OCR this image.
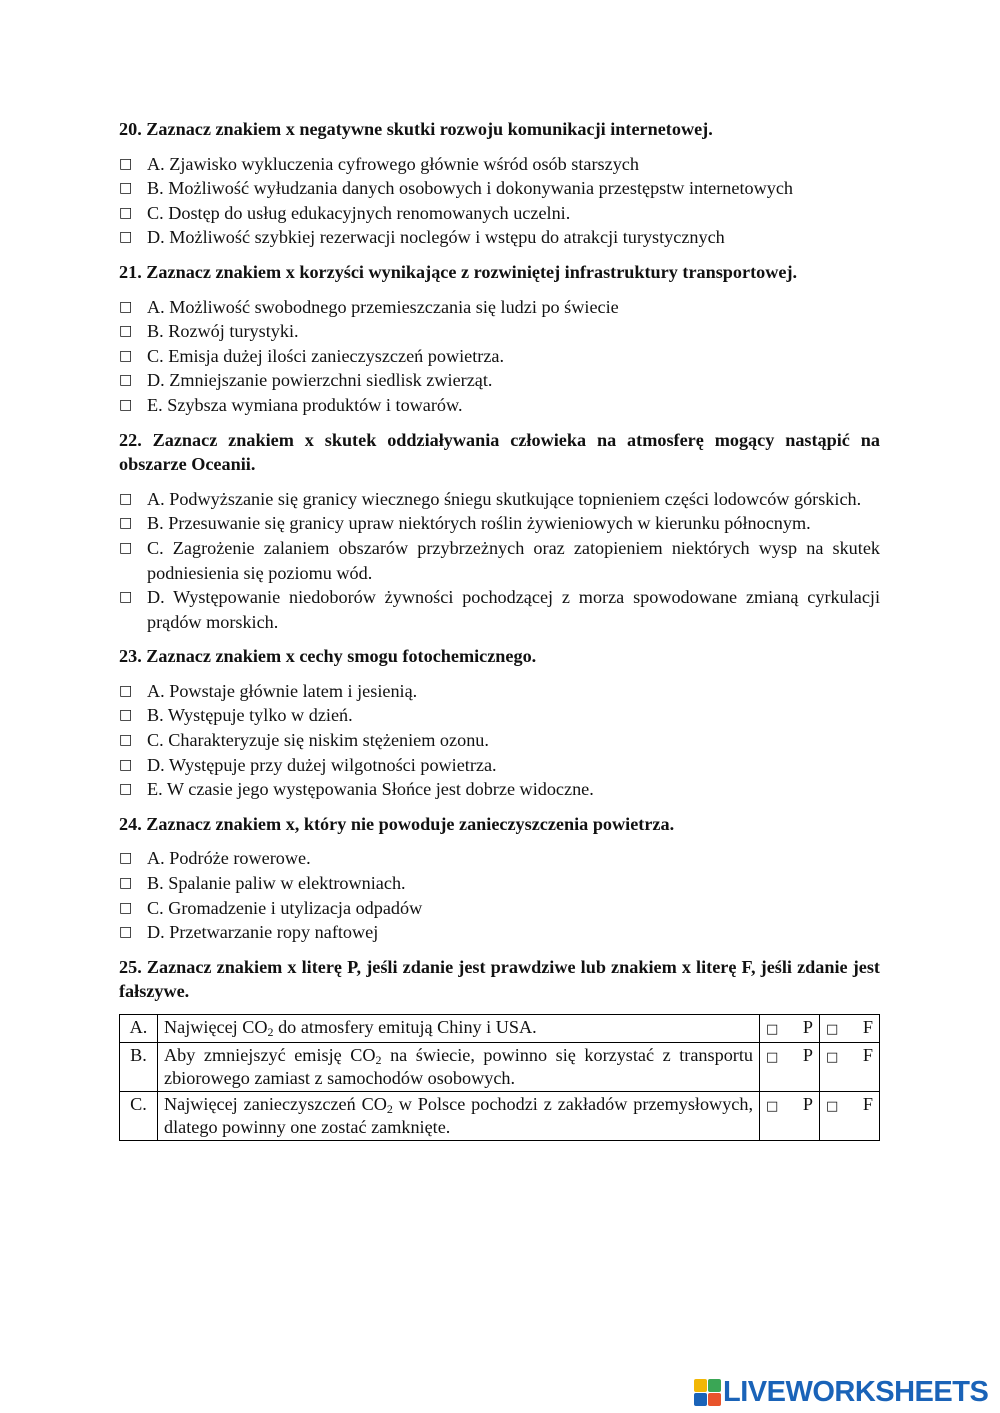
20. Zaznacz znakiem x negatywne skutki rozwoju komunikacji internetowej.
□ A. Zjawisko wykluczenia cyfrowego głównie wśród osób starszych
□ B. Możliwość wyłudzania danych osobowych i dokonywania przestępstw internetowych
□ C. Dostęp do usług edukacyjnych renomowanych uczelni.
□ D. Możliwość szybkiej rezerwacji noclegów i wstępu do atrakcji turystycznych
21. Zaznacz znakiem x korzyści wynikające z rozwiniętej infrastruktury transportowej.
□ A. Możliwość swobodnego przemieszczania się ludzi po świecie
□ B. Rozwój turystyki.
□ C. Emisja dużej ilości zanieczyszczeń powietrza.
□ D. Zmniejszanie powierzchni siedlisk zwierząt.
□ E. Szybsza wymiana produktów i towarów.
22. Zaznacz znakiem x skutek oddziaływania człowieka na atmosferę mogący nastąpić na obszarze Oceanii.
□ A. Podwyższanie się granicy wiecznego śniegu skutkujące topnieniem części lodowców górskich.
□ B. Przesuwanie się granicy upraw niektórych roślin żywieniowych w kierunku północnym.
□ C. Zagrożenie zalaniem obszarów przybrzeżnych oraz zatopieniem niektórych wysp na skutek podniesienia się poziomu wód.
□ D. Występowanie niedoborów żywności pochodzącej z morza spowodowane zmianą cyrkulacji prądów morskich.
23. Zaznacz znakiem x cechy smogu fotochemicznego.
□ A. Powstaje głównie latem i jesienią.
□ B. Występuje tylko w dzień.
□ C. Charakteryzuje się niskim stężeniem ozonu.
□ D. Występuje przy dużej wilgotności powietrza.
□ E. W czasie jego występowania Słońce jest dobrze widoczne.
24. Zaznacz znakiem x, który nie powoduje zanieczyszczenia powietrza.
□ A. Podróże rowerowe.
□ B. Spalanie paliw w elektrowniach.
□ C. Gromadzenie i utylizacja odpadów
□ D. Przetwarzanie ropy naftowej
25. Zaznacz znakiem x literę P, jeśli zdanie jest prawdziwe lub znakiem x literę F, jeśli zdanie jest fałszywe.
A.	Najwięcej $CO_2$ do atmosfery emitują Chiny i USA.	□ P	□ F

B.	Aby zmniejszyć emisję $CO_2$ na świecie, powinno się korzystać z transportu zbiorowego zamiast z samochodów osobowych.	□ P	□ F

C.	Najwięcej zanieczyszczeń $CO_2$ w Polsce pochodzi z zakładów przemysłowych, dlatego powinny one zostać zamknięte.	□ P	□ F
LIVEWORKSHEETS
